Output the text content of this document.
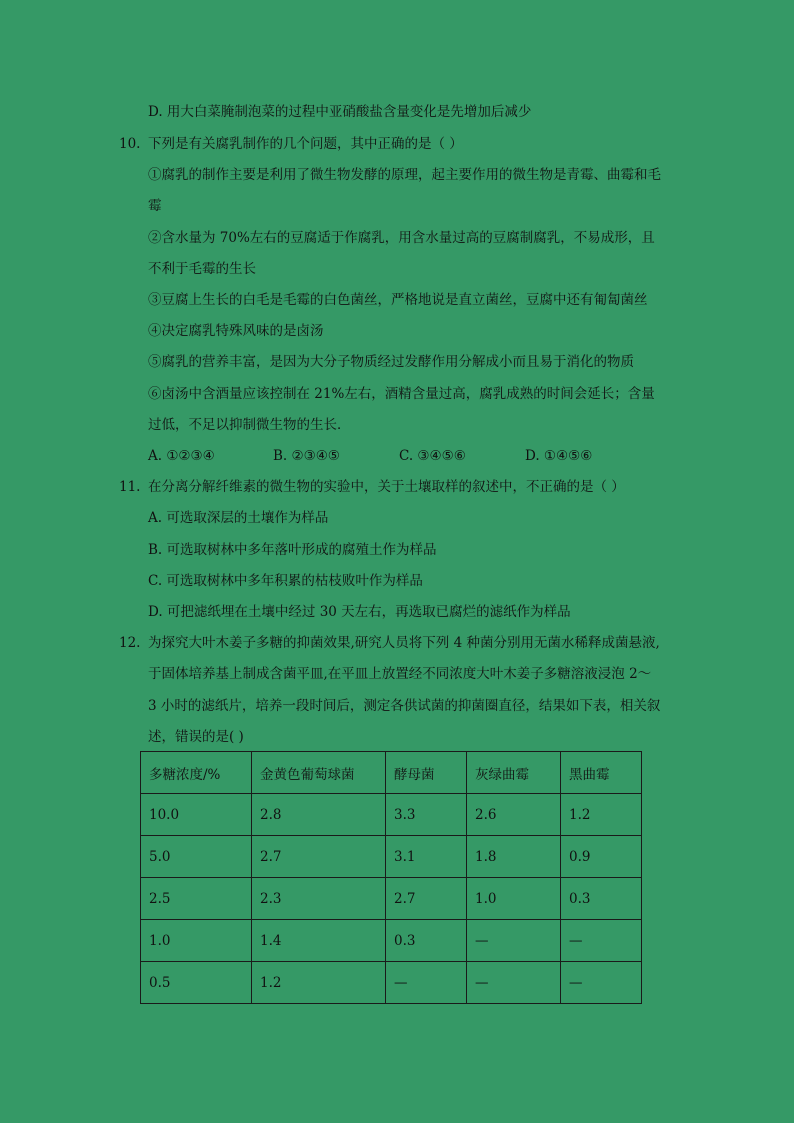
D. 用大白菜腌制泡菜的过程中亚硝酸盐含量变化是先增加后减少
10. 下列是有关腐乳制作的几个问题，其中正确的是（ ）
①腐乳的制作主要是利用了微生物发酵的原理，起主要作用的微生物是青霉、曲霉和毛
霉
②含水量为 70%左右的豆腐适于作腐乳，用含水量过高的豆腐制腐乳，不易成形，且
不利于毛霉的生长
③豆腐上生长的白毛是毛霉的白色菌丝，严格地说是直立菌丝，豆腐中还有匍匐菌丝
④决定腐乳特殊风味的是卤汤
⑤腐乳的营养丰富，是因为大分子物质经过发酵作用分解成小而且易于消化的物质
⑥卤汤中含酒量应该控制在 21%左右，酒精含量过高，腐乳成熟的时间会延长；含量
过低，不足以抑制微生物的生长．
A. ①②③④	B. ②③④⑤	C. ③④⑤⑥	D. ①④⑤⑥
11. 在分离分解纤维素的微生物的实验中，关于土壤取样的叙述中，不正确的是（ ）
A. 可选取深层的土壤作为样品
B. 可选取树林中多年落叶形成的腐殖土作为样品
C. 可选取树林中多年积累的枯枝败叶作为样品
D. 可把滤纸埋在土壤中经过 30 天左右，再选取已腐烂的滤纸作为样品
12. 为探究大叶木姜子多糖的抑菌效果,研究人员将下列 4 种菌分别用无菌水稀释成菌悬液,
于固体培养基上制成含菌平皿,在平皿上放置经不同浓度大叶木姜子多糖溶液浸泡 2～
3 小时的滤纸片，培养一段时间后，测定各供试菌的抑菌圈直径，结果如下表，相关叙
述，错误的是( )
多糖浓度/%	金黄色葡萄球菌	酵母菌	灰绿曲霉	黑曲霉
10.0	2.8	3.3	2.6	1.2
5.0	2.7	3.1	1.8	0.9
2.5	2.3	2.7	1.0	0.3
1.0	1.4	0.3	—	—
0.5	1.2	—	—	—
